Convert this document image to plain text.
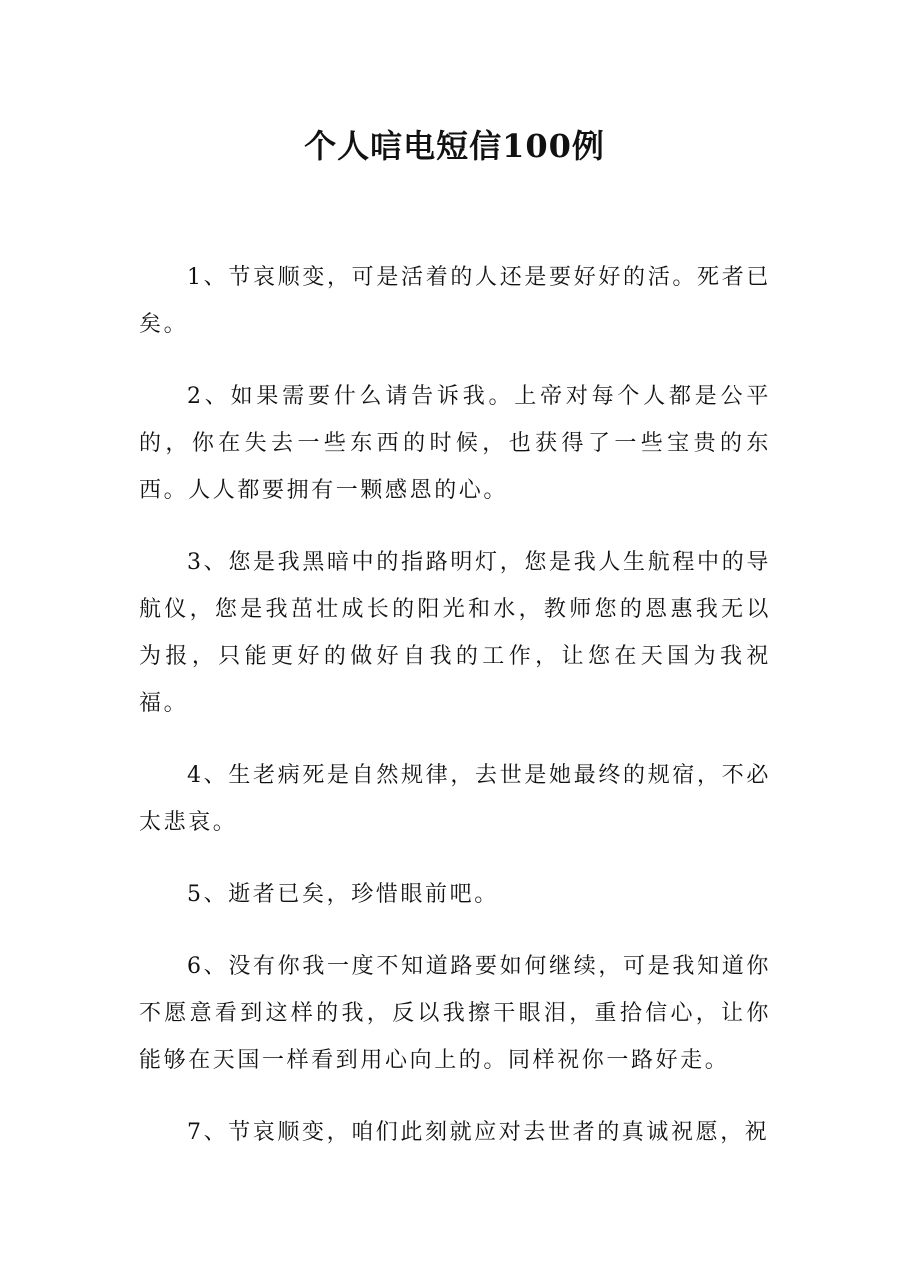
个人唁电短信100例

1、节哀顺变，可是活着的人还是要好好的活。死者已矣。

2、如果需要什么请告诉我。上帝对每个人都是公平的，你在失去一些东西的时候，也获得了一些宝贵的东西。人人都要拥有一颗感恩的心。

3、您是我黑暗中的指路明灯，您是我人生航程中的导航仪，您是我茁壮成长的阳光和水，教师您的恩惠我无以为报，只能更好的做好自我的工作，让您在天国为我祝福。

4、生老病死是自然规律，去世是她最终的规宿，不必太悲哀。

5、逝者已矣，珍惜眼前吧。

6、没有你我一度不知道路要如何继续，可是我知道你不愿意看到这样的我，反以我擦干眼泪，重拾信心，让你能够在天国一样看到用心向上的。同样祝你一路好走。

7、节哀顺变，咱们此刻就应对去世者的真诚祝愿，祝
